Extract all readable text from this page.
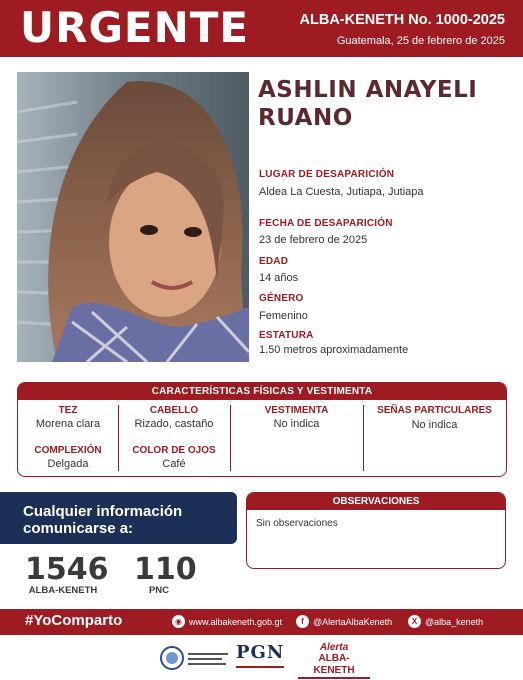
URGENTE	ALBA-KENETH No. 1000-2025
Guatemala, 25 de febrero de 2025
ASHLIN ANAYELI
RUANO
LUGAR DE DESAPARICIÓN
Aldea La Cuesta, Jutiapa, Jutiapa
FECHA DE DESAPARICIÓN
23 de febrero de 2025
EDAD
14 años
GÉNERO
Femenino
ESTATURA
1.50 metros aproximadamente
CARACTERÍSTICAS FÍSICAS Y VESTIMENTA
TEZ
Morena clara
COMPLEXIÓN
Delgada
CABELLO
Rizado, castaño
COLOR DE OJOS
Café
VESTIMENTA
No indica
SEÑAS PARTICULARES
No indica
Cualquier información
comunicarse a:
1546
ALBA-KENETH
110
PNC
OBSERVACIONES
Sin observaciones
#YoComparto	◉ www.albakeneth.gob.gt	f	@AlertaAlbaKeneth	X @alba_keneth
PGN	Alerta
ALBA-KENETH
